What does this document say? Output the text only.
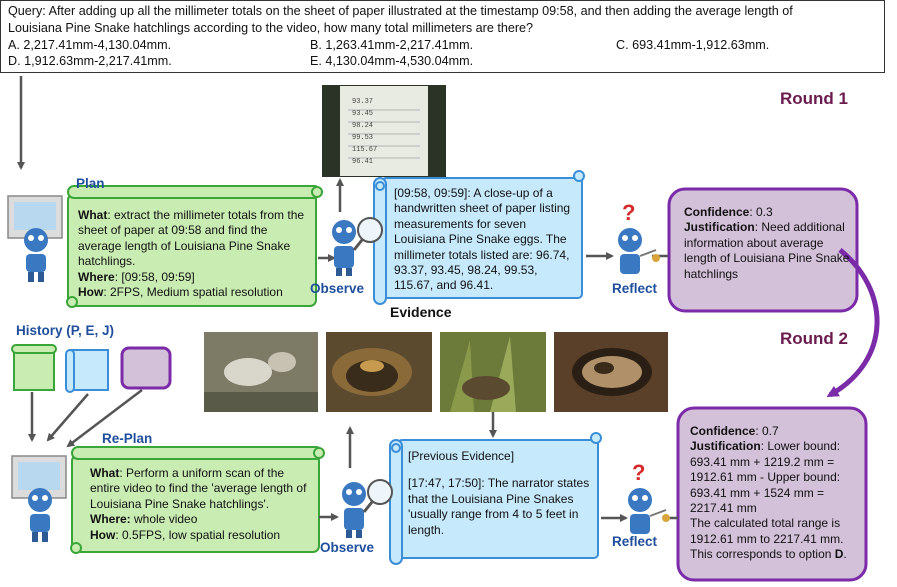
Query: After adding up all the millimeter totals on the sheet of paper illustrated at the timestamp 09:58, and then adding the average length of
Louisiana Pine Snake hatchlings according to the video, how many total millimeters are there?
A. 2,217.41mm-4,130.04mm.	B. 1,263.41mm-2,217.41mm.	C. 693.41mm-1,912.63mm.
D. 1,912.63mm-2,217.41mm.	E. 4,130.04mm-4,530.04mm.
?
?
93.37
93.45
98.24
99.53
115.67
96.41
Round 1
Round 2
Plan
Re-Plan
Observe
Observe
Reflect
Reflect
Evidence
History (P, E, J)
What: extract the millimeter totals from the sheet of paper at 09:58 and find the average length of Louisiana Pine Snake hatchlings.
Where: [09:58, 09:59]
How: 2FPS, Medium spatial resolution
[09:58, 09:59]: A close-up of a handwritten sheet of paper listing measurements for seven Louisiana Pine Snake eggs. The millimeter totals listed are: 96.74, 93.37, 93.45, 98.24, 99.53, 115.67, and 96.41.
Confidence: 0.3
Justification: Need additional information about average length of Louisiana Pine Snake hatchlings
What: Perform a uniform scan of the entire video to find the 'average length of Louisiana Pine Snake hatchlings'.
Where: whole video
How: 0.5FPS, low spatial resolution
[Previous Evidence]
[17:47, 17:50]: The narrator states that the Louisiana Pine Snakes 'usually range from 4 to 5 feet in length.
Confidence: 0.7
Justification: Lower bound: 693.41 mm + 1219.2 mm = 1912.61 mm - Upper bound: 693.41 mm + 1524 mm = 2217.41 mm
The calculated total range is 1912.61 mm to 2217.41 mm. This corresponds to option D.
